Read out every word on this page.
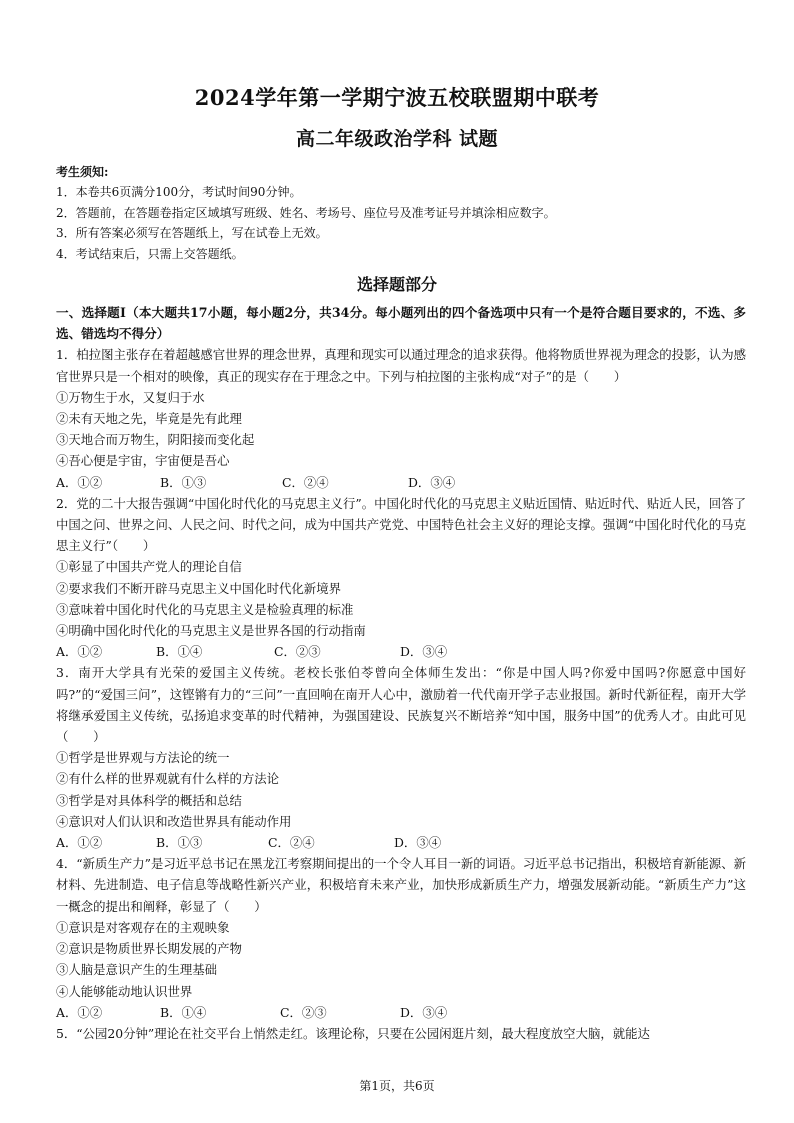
2024学年第一学期宁波五校联盟期中联考
高二年级政治学科 试题
考生须知:
1．本卷共6页满分100分，考试时间90分钟。
2．答题前，在答题卷指定区域填写班级、姓名、考场号、座位号及准考证号并填涂相应数字。
3．所有答案必须写在答题纸上，写在试卷上无效。
4．考试结束后，只需上交答题纸。
选择题部分
一、选择题Ⅰ（本大题共17小题，每小题2分，共34分。每小题列出的四个备选项中只有一个是符合题目要求的，不选、多选、错选均不得分）
1．柏拉图主张存在着超越感官世界的理念世界，真理和现实可以通过理念的追求获得。他将物质世界视为理念的投影，认为感官世界只是一个相对的映像，真正的现实存在于理念之中。下列与柏拉图的主张构成“对子”的是（　　）
①万物生于水，又复归于水
②未有天地之先，毕竟是先有此理
③天地合而万物生，阴阳接而变化起
④吾心便是宇宙，宇宙便是吾心
A．①②	B．①③	C．②④	D．③④
2．党的二十大报告强调“中国化时代化的马克思主义行”。中国化时代化的马克思主义贴近国情、贴近时代、贴近人民，回答了中国之问、世界之问、人民之问、时代之问，成为中国共产党党、中国特色社会主义好的理论支撑。强调“中国化时代化的马克思主义行”（　　）
①彰显了中国共产党人的理论自信
②要求我们不断开辟马克思主义中国化时代化新境界
③意味着中国化时代化的马克思主义是检验真理的标准
④明确中国化时代化的马克思主义是世界各国的行动指南
A．①②	B．①④	C．②③	D．③④
3．南开大学具有光荣的爱国主义传统。老校长张伯苓曾向全体师生发出：“你是中国人吗?你爱中国吗?你愿意中国好吗?”的“爱国三问”，这铿锵有力的“三问”一直回响在南开人心中，激励着一代代南开学子志业报国。新时代新征程，南开大学将继承爱国主义传统，弘扬追求变革的时代精神，为强国建设、民族复兴不断培养“知中国，服务中国”的优秀人才。由此可见（　　）
①哲学是世界观与方法论的统一
②有什么样的世界观就有什么样的方法论
③哲学是对具体科学的概括和总结
④意识对人们认识和改造世界具有能动作用
A．①②	B．①③	C．②④	D．③④
4．“新质生产力”是习近平总书记在黑龙江考察期间提出的一个令人耳目一新的词语。习近平总书记指出，积极培育新能源、新材料、先进制造、电子信息等战略性新兴产业，积极培育未来产业，加快形成新质生产力，增强发展新动能。“新质生产力”这一概念的提出和阐释，彰显了（　　）
①意识是对客观存在的主观映象
②意识是物质世界长期发展的产物
③人脑是意识产生的生理基础
④人能够能动地认识世界
A．①②	B．①④	C．②③	D．③④
5．“公园20分钟”理论在社交平台上悄然走红。该理论称，只要在公园闲逛片刻，最大程度放空大脑，就能达
第1页，共6页
